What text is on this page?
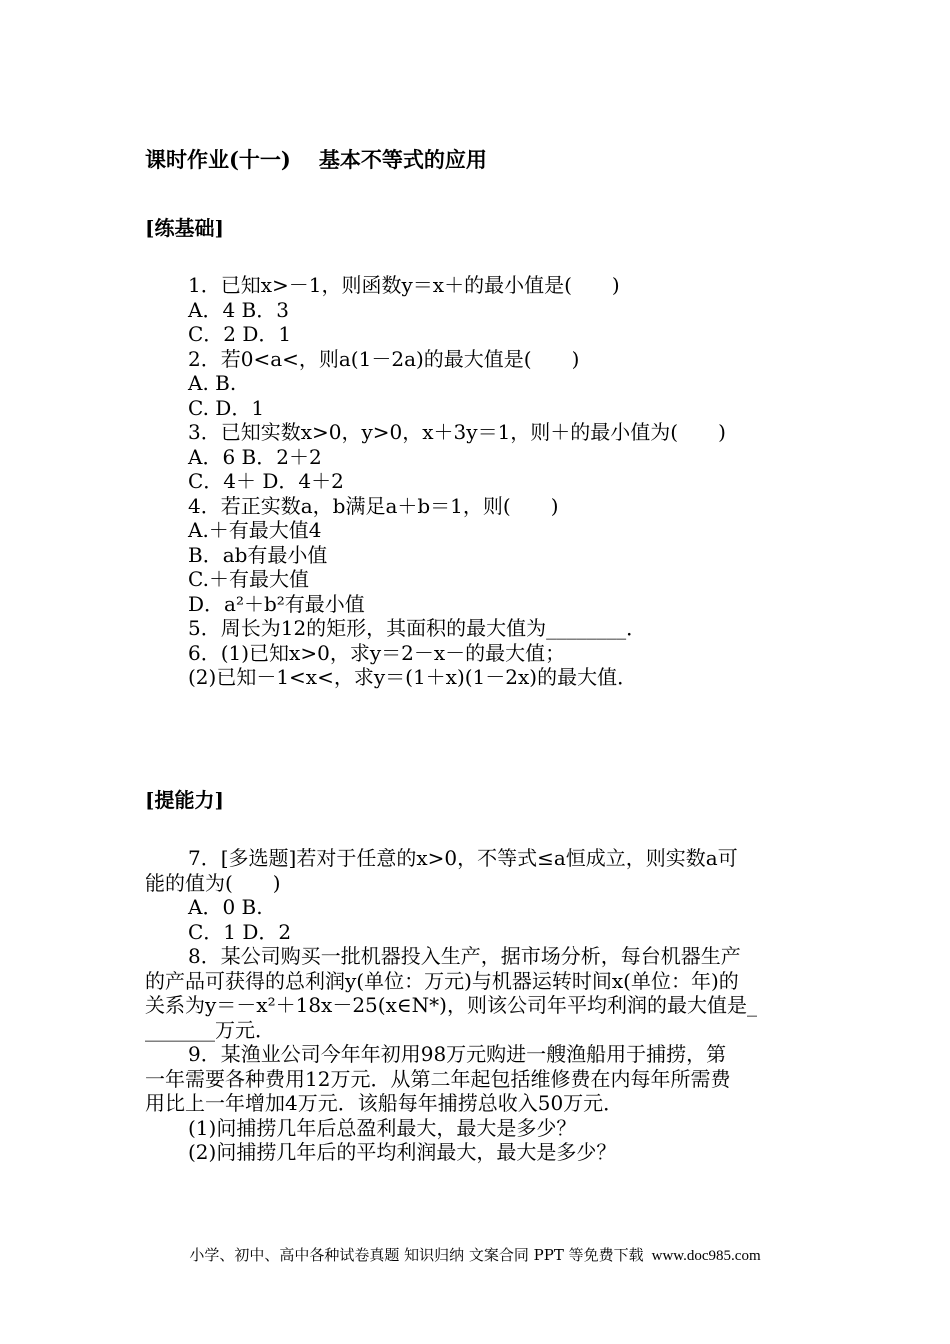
课时作业(十一) 基本不等式的应用
[练基础]
1．已知x>－1，则函数y＝x＋的最小值是(　　)
A．4 B．3
C．2 D．1
2．若0<a<，则a(1－2a)的最大值是(　　)
A. B.
C. D．1
3．已知实数x>0，y>0，x＋3y＝1，则＋的最小值为(　　)
A．6 B．2＋2
C．4＋ D．4＋2
4．若正实数a，b满足a＋b＝1，则(　　)
A.＋有最大值4
B．ab有最小值
C.＋有最大值
D．a²＋b²有最小值
5．周长为12的矩形，其面积的最大值为________．
6．(1)已知x>0，求y＝2－x－的最大值；
(2)已知－1<x<，求y＝(1＋x)(1－2x)的最大值．
[提能力]
7．[多选题]若对于任意的x>0，不等式≤a恒成立，则实数a可
能的值为(　　)
A．0 B.
C．1 D．2
8．某公司购买一批机器投入生产，据市场分析，每台机器生产
的产品可获得的总利润y(单位：万元)与机器运转时间x(单位：年)的
关系为y＝－x²＋18x－25(x∈N*)，则该公司年平均利润的最大值是_
_______万元．
9．某渔业公司今年年初用98万元购进一艘渔船用于捕捞，第
一年需要各种费用12万元．从第二年起包括维修费在内每年所需费
用比上一年增加4万元．该船每年捕捞总收入50万元．
(1)问捕捞几年后总盈利最大，最大是多少？
(2)问捕捞几年后的平均利润最大，最大是多少？
小学、初中、高中各种试卷真题 知识归纳 文案合同 PPT 等免费下载 www.doc985.com
